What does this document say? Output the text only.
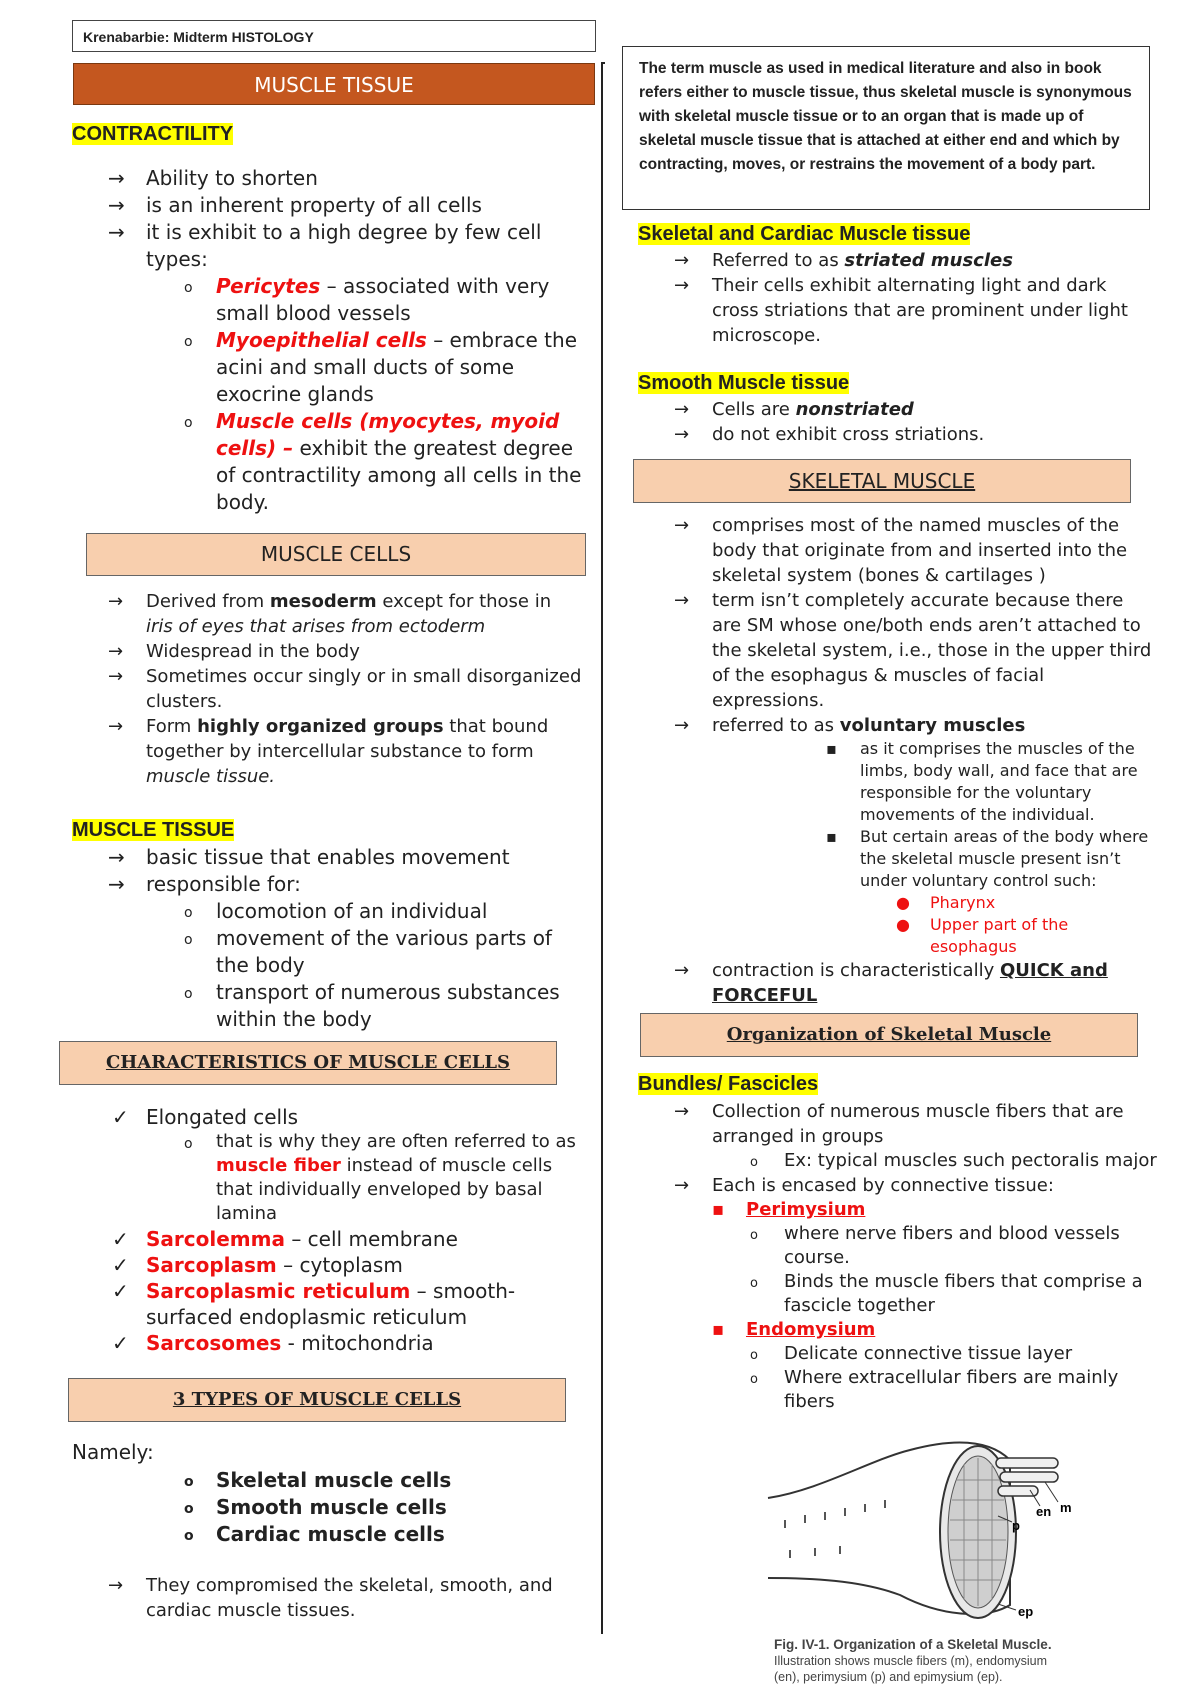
Krenabarbie: Midterm HISTOLOGY
MUSCLE TISSUE
CONTRACTILITY
→ Ability to shorten
→ is an inherent property of all cells
→ it is exhibit to a high degree by few cell types:
o Pericytes – associated with very small blood vessels
o Myoepithelial cells – embrace the acini and small ducts of some exocrine glands
o Muscle cells (myocytes, myoid cells) – exhibit the greatest degree of contractility among all cells in the body.
MUSCLE CELLS
→ Derived from mesoderm except for those in iris of eyes that arises from ectoderm
→ Widespread in the body
→ Sometimes occur singly or in small disorganized clusters.
→ Form highly organized groups that bound together by intercellular substance to form muscle tissue.
MUSCLE TISSUE
→ basic tissue that enables movement
→ responsible for:
o locomotion of an individual
o movement of the various parts of the body
o transport of numerous substances within the body
CHARACTERISTICS OF MUSCLE CELLS
✓ Elongated cells
o that is why they are often referred to as muscle fiber instead of muscle cells that individually enveloped by basal lamina
✓ Sarcolemma – cell membrane
✓ Sarcoplasm – cytoplasm
✓ Sarcoplasmic reticulum – smooth-surfaced endoplasmic reticulum
✓ Sarcosomes - mitochondria
3 TYPES OF MUSCLE CELLS
Namely:
o Skeletal muscle cells
o Smooth muscle cells
o Cardiac muscle cells
→ They compromised the skeletal, smooth, and cardiac muscle tissues.
The term muscle as used in medical literature and also in book refers either to muscle tissue, thus skeletal muscle is synonymous with skeletal muscle tissue or to an organ that is made up of skeletal muscle tissue that is attached at either end and which by contracting, moves, or restrains the movement of a body part.
Skeletal and Cardiac Muscle tissue
→ Referred to as striated muscles
→ Their cells exhibit alternating light and dark cross striations that are prominent under light microscope.
Smooth Muscle tissue
→ Cells are nonstriated
→ do not exhibit cross striations.
SKELETAL MUSCLE
→ comprises most of the named muscles of the body that originate from and inserted into the skeletal system (bones & cartilages )
→ term isn’t completely accurate because there are SM whose one/both ends aren’t attached to the skeletal system, i.e., those in the upper third of the esophagus & muscles of facial expressions.
→ referred to as voluntary muscles
▪ as it comprises the muscles of the limbs, body wall, and face that are responsible for the voluntary movements of the individual.
▪ But certain areas of the body where the skeletal muscle present isn’t under voluntary control such:
● Pharynx
● Upper part of the esophagus
→ contraction is characteristically QUICK and FORCEFUL
Organization of Skeletal Muscle
Bundles/ Fascicles
→ Collection of numerous muscle fibers that are arranged in groups
o Ex: typical muscles such pectoralis major
→ Each is encased by connective tissue:
▪ Perimysium
o where nerve fibers and blood vessels course.
o Binds the muscle fibers that comprise a fascicle together
▪ Endomysium
o Delicate connective tissue layer
o Where extracellular fibers are mainly fibers
m
en
p
ep
Fig. IV-1. Organization of a Skeletal Muscle.
Illustration shows muscle fibers (m), endomysium (en), perimysium (p) and epimysium (ep).
